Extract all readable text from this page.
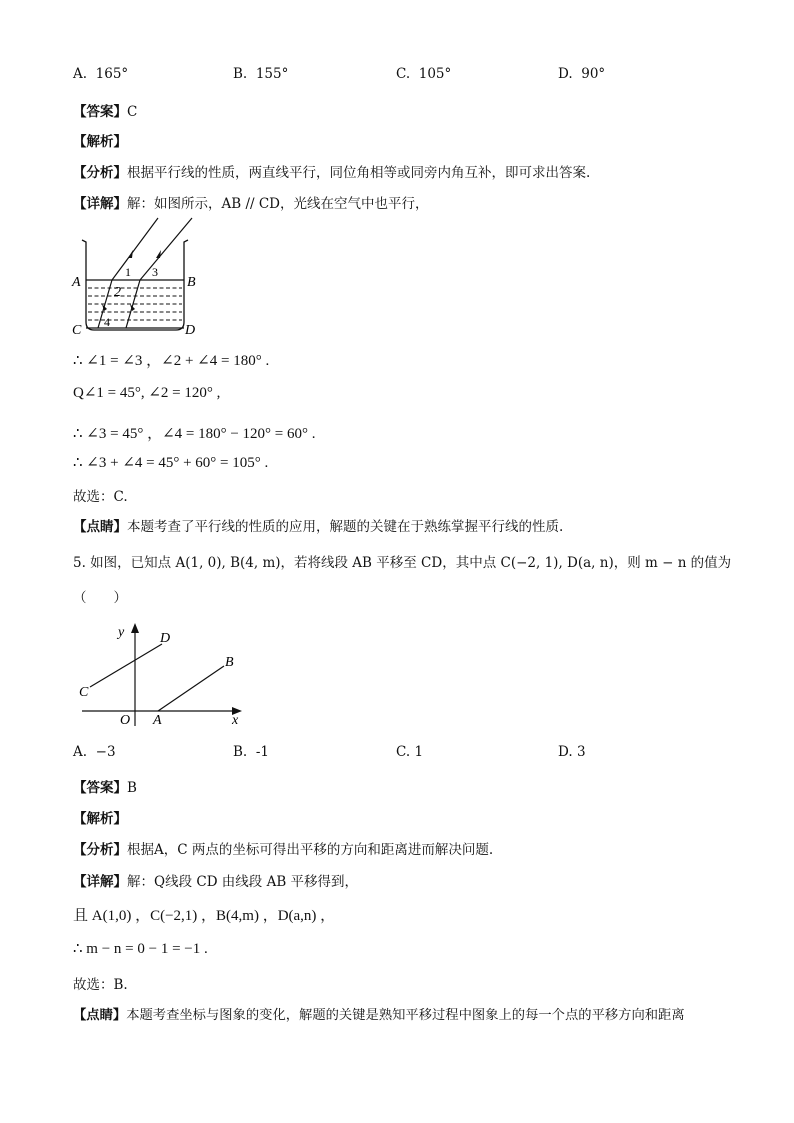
A. 165°	B. 155°	C. 105°	D. 90°
【答案】C
【解析】
【分析】根据平行线的性质，两直线平行，同位角相等或同旁内角互补，即可求出答案.
【详解】解：如图所示，AB // CD，光线在空气中也平行，
A	B
C	D
1 3
2
4
∴ ∠1 = ∠3 ，∠2 + ∠4 = 180° .
Q∠1 = 45°, ∠2 = 120° ,
∴ ∠3 = 45° ，∠4 = 180° − 120° = 60° .
∴ ∠3 + ∠4 = 45° + 60° = 105° .
故选：C.
【点睛】本题考查了平行线的性质的应用，解题的关键在于熟练掌握平行线的性质.
5. 如图，已知点 A(1, 0), B(4, m)，若将线段 AB 平移至 CD，其中点 C(−2, 1), D(a, n)，则 m − n 的值为
（　　）
y
x
O A
B
C
D
A. −3	B. -1	C. 1	D. 3
【答案】B
【解析】
【分析】根据A，C 两点的坐标可得出平移的方向和距离进而解决问题.
【详解】解：Q线段 CD 由线段 AB 平移得到，
且 A(1,0) ，C(−2,1) ，B(4,m) ，D(a,n) ，
∴ m − n = 0 − 1 = −1 .
故选：B.
【点睛】本题考查坐标与图象的变化，解题的关键是熟知平移过程中图象上的每一个点的平移方向和距离
